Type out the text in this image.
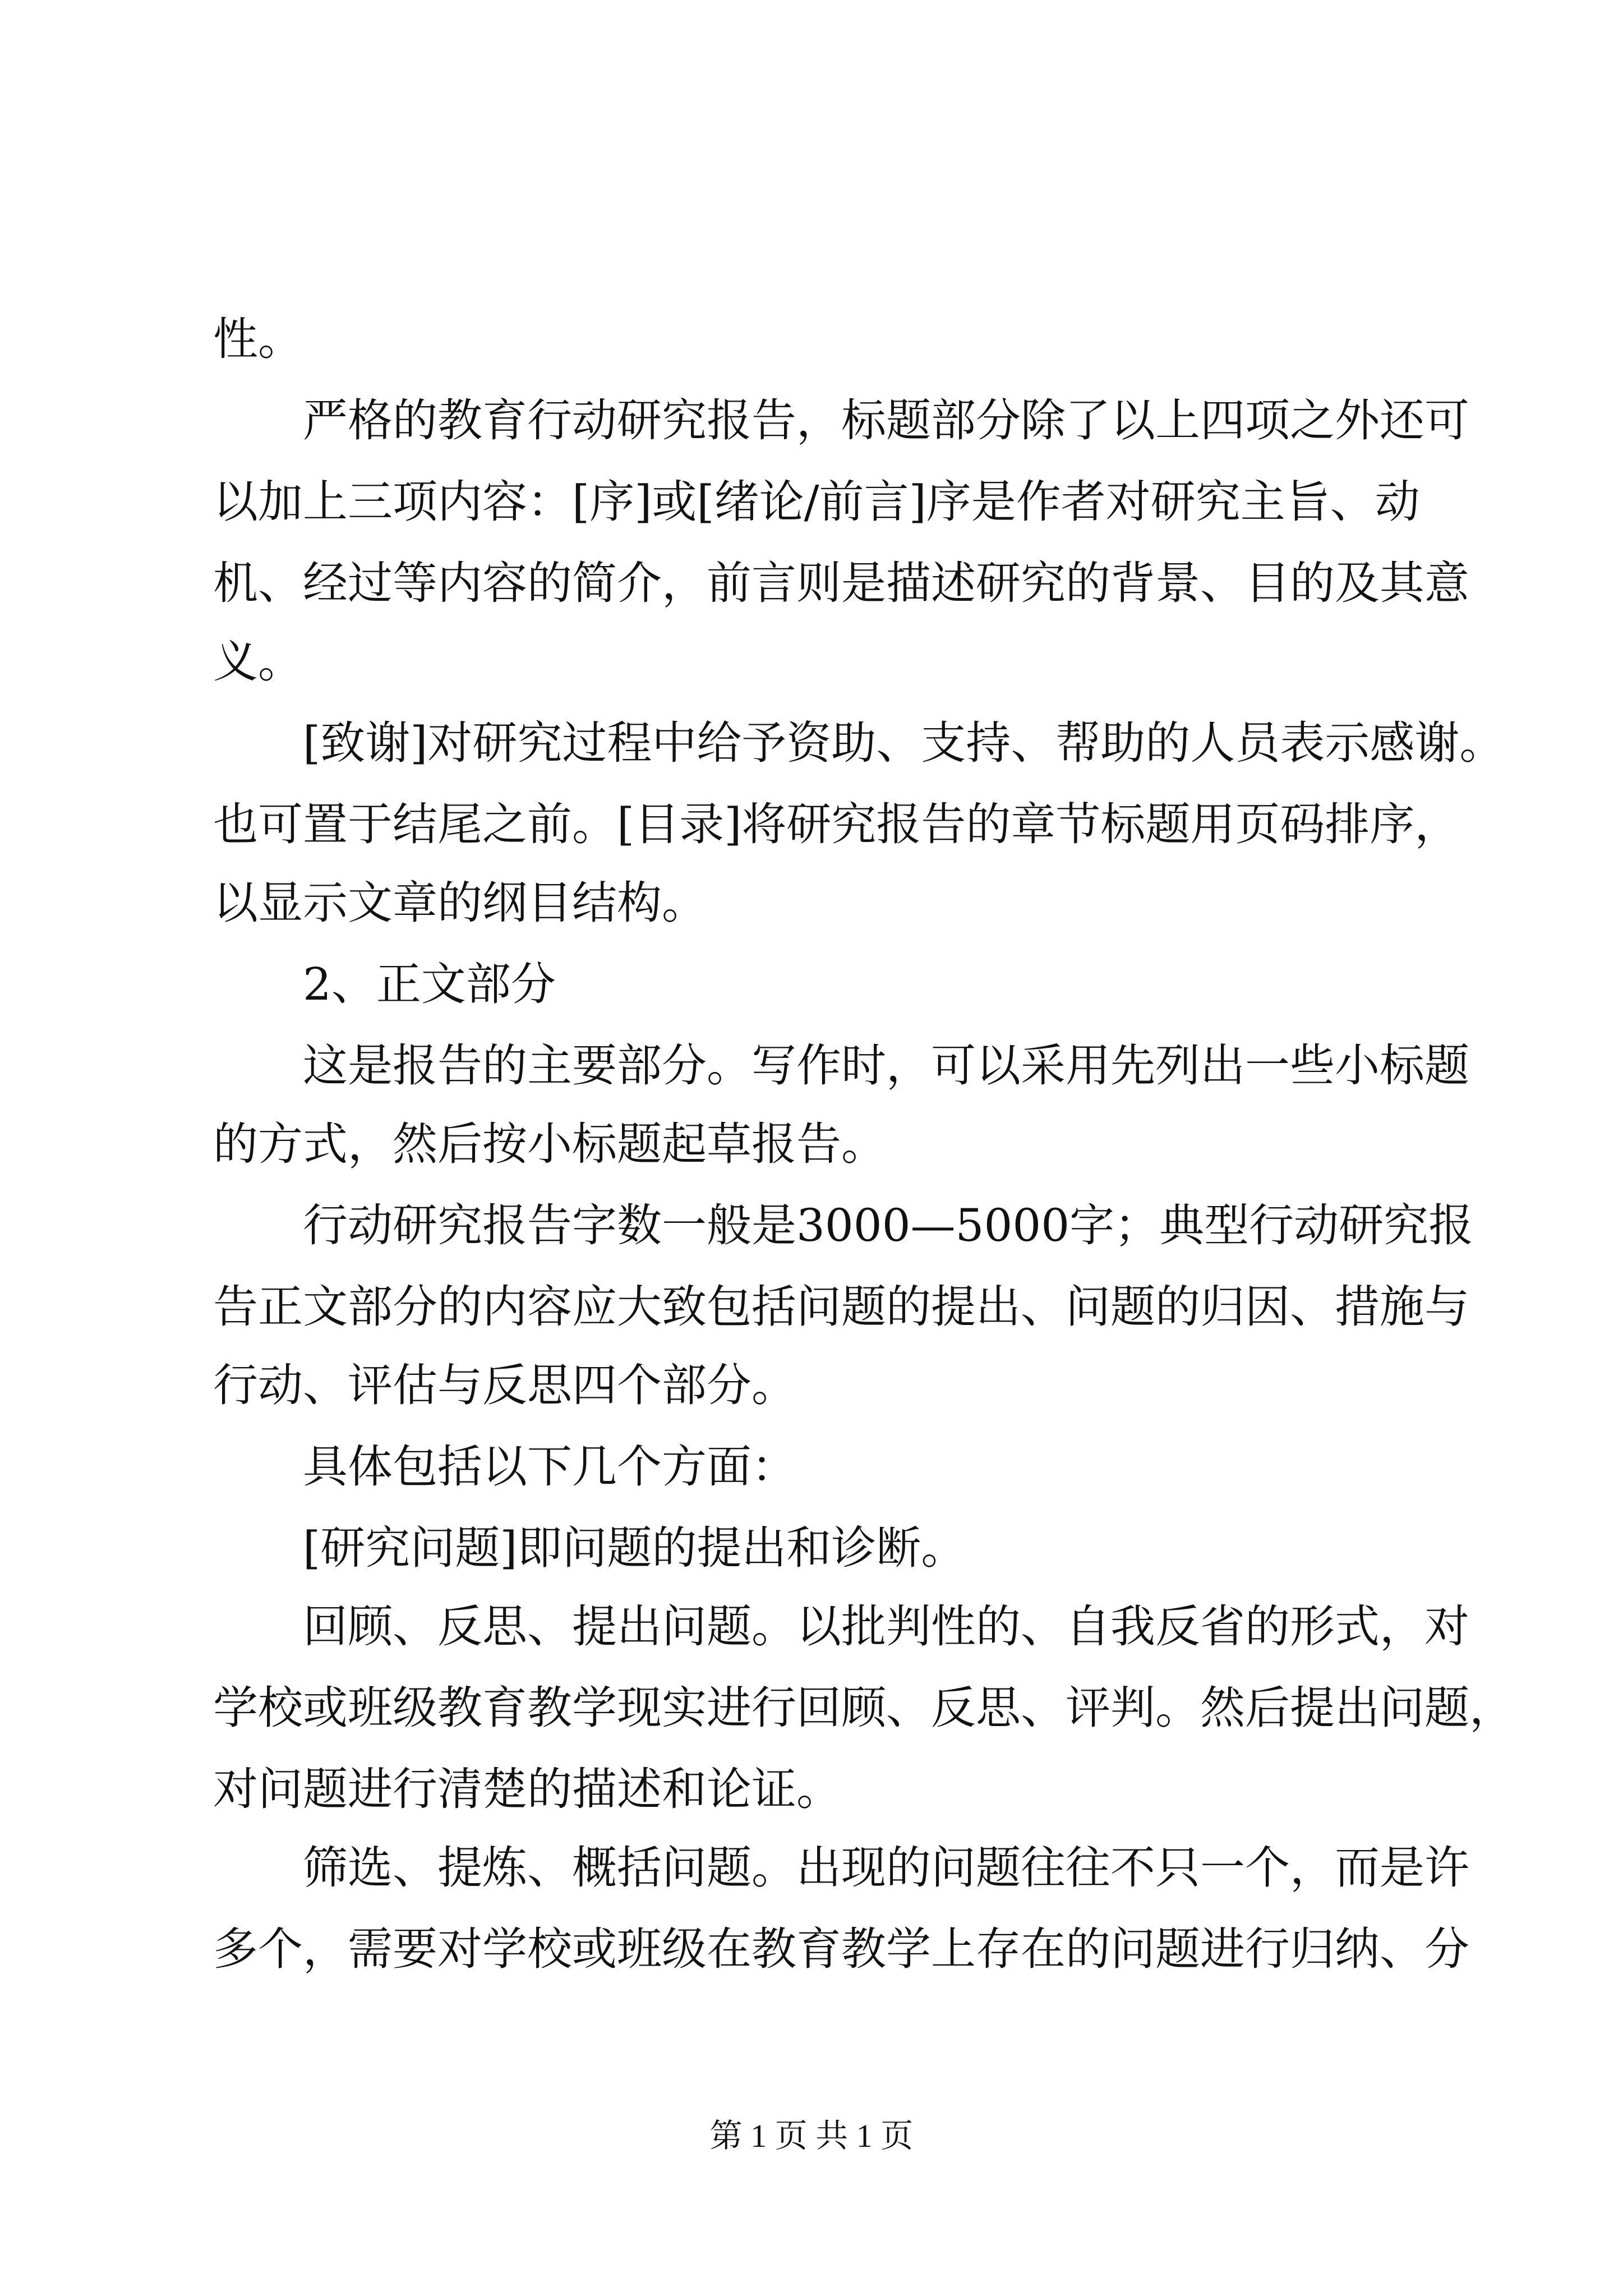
性。

严格的教育行动研究报告，标题部分除了以上四项之外还可

以加上三项内容：[序]或[绪论/前言]序是作者对研究主旨、动

机、经过等内容的简介，前言则是描述研究的背景、目的及其意

义。

[致谢]对研究过程中给予资助、支持、帮助的人员表示感谢。

也可置于结尾之前。[目录]将研究报告的章节标题用页码排序，

以显示文章的纲目结构。

2、正文部分

这是报告的主要部分。写作时，可以采用先列出一些小标题

的方式，然后按小标题起草报告。

行动研究报告字数一般是3000—5000字；典型行动研究报

告正文部分的内容应大致包括问题的提出、问题的归因、措施与

行动、评估与反思四个部分。

具体包括以下几个方面：

[研究问题]即问题的提出和诊断。

回顾、反思、提出问题。以批判性的、自我反省的形式，对

学校或班级教育教学现实进行回顾、反思、评判。然后提出问题，

对问题进行清楚的描述和论证。

筛选、提炼、概括问题。出现的问题往往不只一个，而是许

多个，需要对学校或班级在教育教学上存在的问题进行归纳、分

第 1 页 共 1 页
